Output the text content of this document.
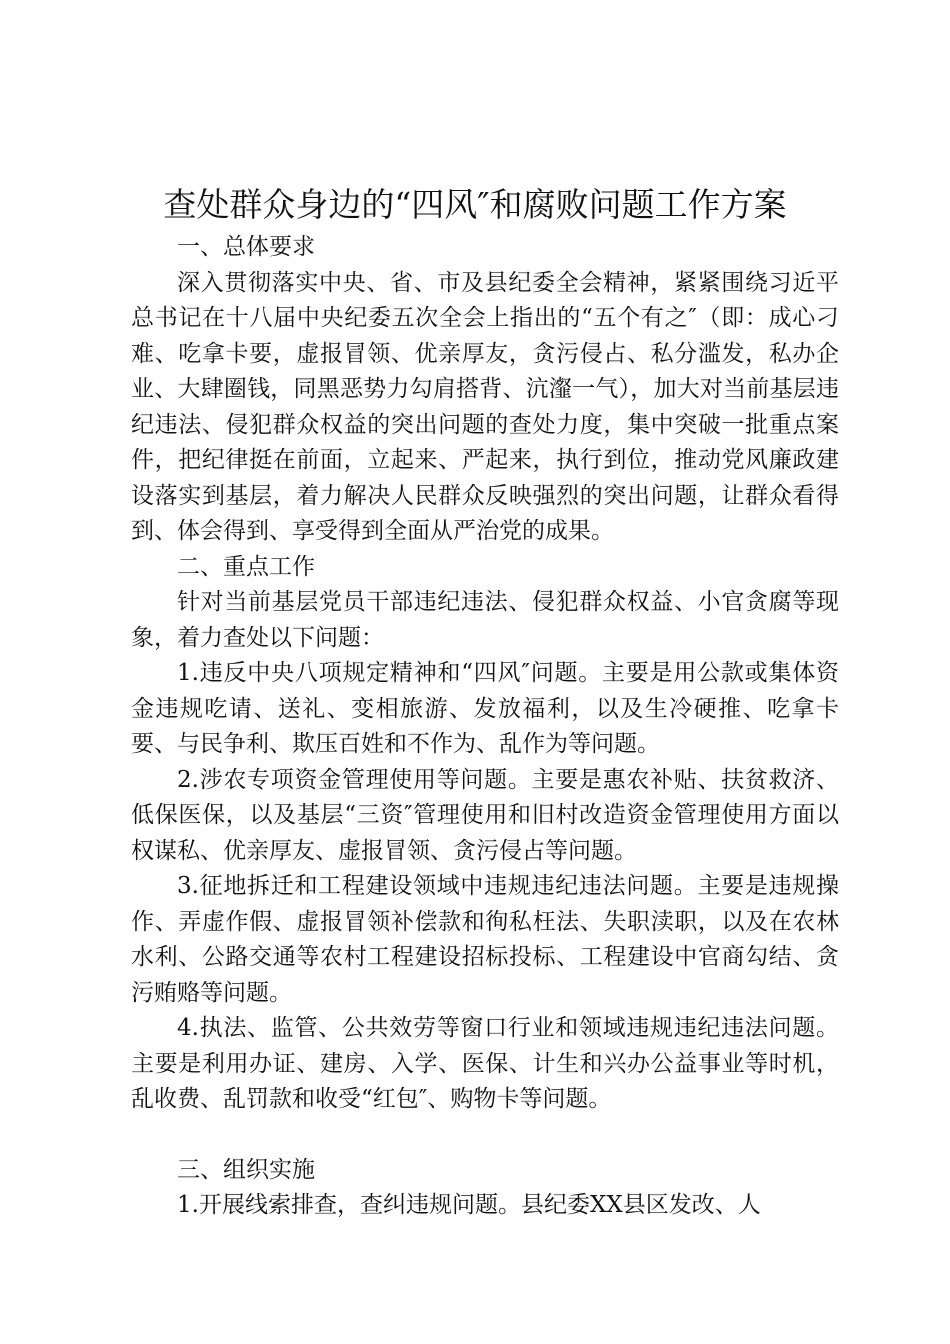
查处群众身边的“四风″和腐败问题工作方案

一、总体要求

深入贯彻落实中央、省、市及县纪委全会精神，紧紧围绕习近平总书记在十八届中央纪委五次全会上指出的“五个有之″（即：成心刁难、吃拿卡要，虚报冒领、优亲厚友，贪污侵占、私分滥发，私办企业、大肆圈钱，同黑恶势力勾肩搭背、沆瀣一气），加大对当前基层违纪违法、侵犯群众权益的突出问题的查处力度，集中突破一批重点案件，把纪律挺在前面，立起来、严起来，执行到位，推动党风廉政建设落实到基层，着力解决人民群众反映强烈的突出问题，让群众看得到、体会得到、享受得到全面从严治党的成果。

二、重点工作

针对当前基层党员干部违纪违法、侵犯群众权益、小官贪腐等现象，着力查处以下问题：

1.违反中央八项规定精神和“四风″问题。主要是用公款或集体资金违规吃请、送礼、变相旅游、发放福利，以及生冷硬推、吃拿卡要、与民争利、欺压百姓和不作为、乱作为等问题。

2.涉农专项资金管理使用等问题。主要是惠农补贴、扶贫救济、低保医保，以及基层“三资″管理使用和旧村改造资金管理使用方面以权谋私、优亲厚友、虚报冒领、贪污侵占等问题。

3.征地拆迁和工程建设领域中违规违纪违法问题。主要是违规操作、弄虚作假、虚报冒领补偿款和徇私枉法、失职渎职，以及在农林水利、公路交通等农村工程建设招标投标、工程建设中官商勾结、贪污贿赂等问题。

4.执法、监管、公共效劳等窗口行业和领域违规违纪违法问题。主要是利用办证、建房、入学、医保、计生和兴办公益事业等时机，乱收费、乱罚款和收受“红包″、购物卡等问题。

三、组织实施

1.开展线索排查，查纠违规问题。县纪委XX县区发改、人
